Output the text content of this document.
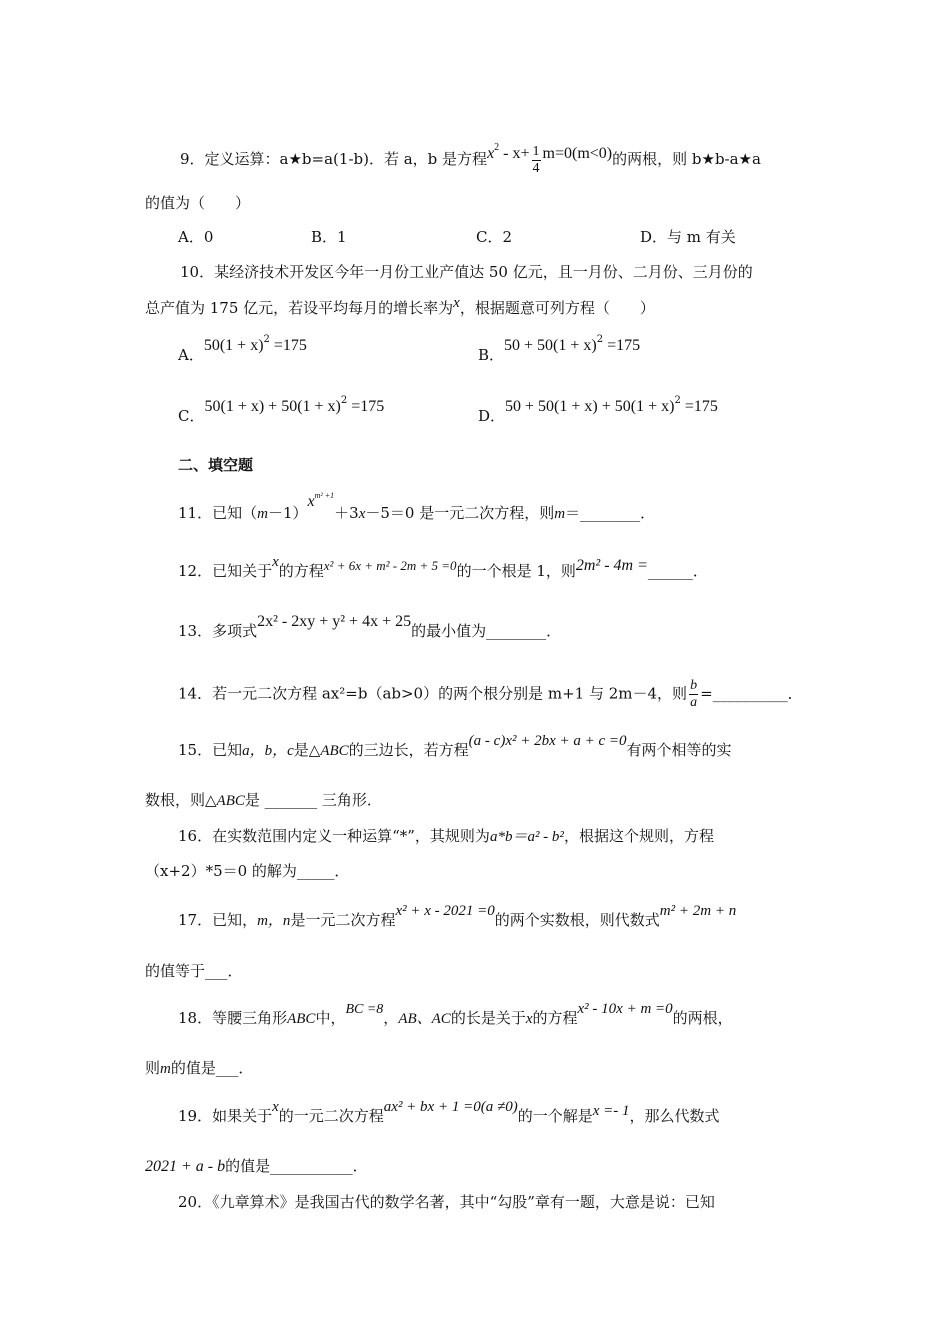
9．定义运算：a★b=a(1-b)．若 a，b 是方程$x^2 - x+ \frac{1}{4} m=0(m<0)$的两根，则 b★b-a★a
的值为（　　）
A．0	B．1	C．2	D．与 m 有关
10．某经济技术开发区今年一月份工业产值达 50 亿元，且一月份、二月份、三月份的
总产值为 175 亿元，若设平均每月的增长率为x，根据题意可列方程（　　）
A．$50(1 + x)^2 =175$
B．$50 + 50(1 + x)^2 =175$
C．$50(1 + x) + 50(1 + x)^2 =175$
D．$50 + 50(1 + x) + 50(1 + x)^2 =175$
二、填空题
11．已知$(m-1)x^{m^2 +1}+3x-5=0$ 是一元二次方程，则m＝________．
12．已知关于x的方程x² + 6x + m² - 2m + 5 =0的一个根是 1，则2m² - 4m =______．
13．多项式2x² - 2xy + y² + 4x + 25的最小值为________．
14．若一元二次方程 ax²=b（ab>0）的两个根分别是 m+1 与 2m－4，则 $\frac{b}{a}$ =__________．
15．已知a，b，c是△ABC的三边长，若方程(a - c)x² + 2bx + a + c =0有两个相等的实
数根，则△ABC是 _______ 三角形．
16．在实数范围内定义一种运算“*”，其规则为a*b＝a² - b²，根据这个规则，方程
（x+2）*5＝0 的解为_____．
17．已知，m，n是一元二次方程x² + x - 2021 =0的两个实数根，则代数式m² + 2m + n
的值等于___．
18．等腰三角形ABC中，BC =8，AB、AC的长是关于x的方程x² - 10x + m =0的两根，
则m的值是___．
19．如果关于x的一元二次方程ax² + bx + 1 =0(a ≠0)的一个解是x =- 1，那么代数式
2021 + a - b的值是___________．
20．《九章算术》是我国古代的数学名著，其中“勾股”章有一题，大意是说：已知
